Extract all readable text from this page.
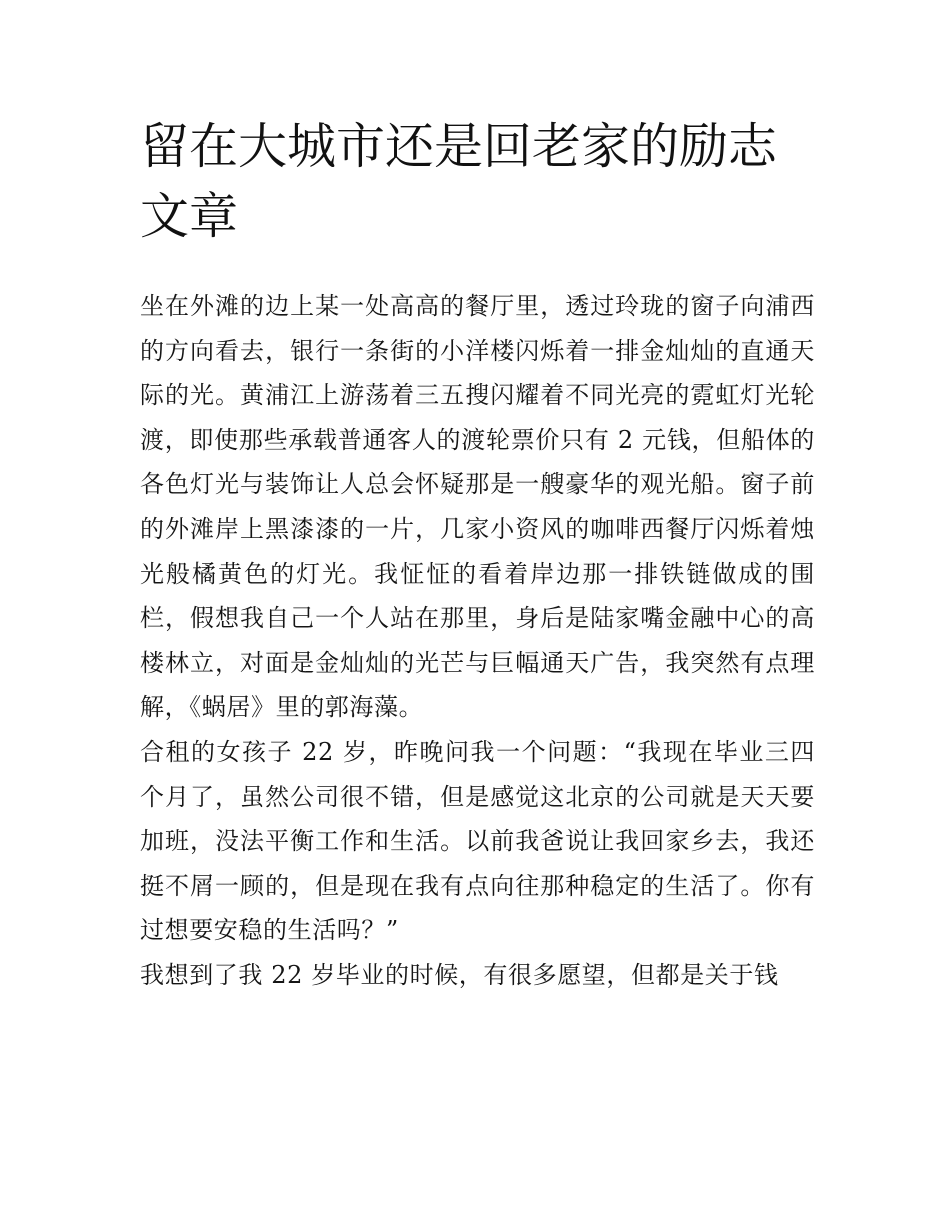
留在大城市还是回老家的励志文章

坐在外滩的边上某一处高高的餐厅里，透过玲珑的窗子向浦西的方向看去，银行一条街的小洋楼闪烁着一排金灿灿的直通天际的光。黄浦江上游荡着三五搜闪耀着不同光亮的霓虹灯光轮渡，即使那些承载普通客人的渡轮票价只有 2 元钱，但船体的各色灯光与装饰让人总会怀疑那是一艘豪华的观光船。窗子前的外滩岸上黑漆漆的一片，几家小资风的咖啡西餐厅闪烁着烛光般橘黄色的灯光。我怔怔的看着岸边那一排铁链做成的围栏，假想我自己一个人站在那里，身后是陆家嘴金融中心的高楼林立，对面是金灿灿的光芒与巨幅通天广告，我突然有点理解，《蜗居》里的郭海藻。

合租的女孩子 22 岁，昨晚问我一个问题：“我现在毕业三四个月了，虽然公司很不错，但是感觉这北京的公司就是天天要加班，没法平衡工作和生活。以前我爸说让我回家乡去，我还挺不屑一顾的，但是现在我有点向往那种稳定的生活了。你有过想要安稳的生活吗？”

我想到了我 22 岁毕业的时候，有很多愿望，但都是关于钱
